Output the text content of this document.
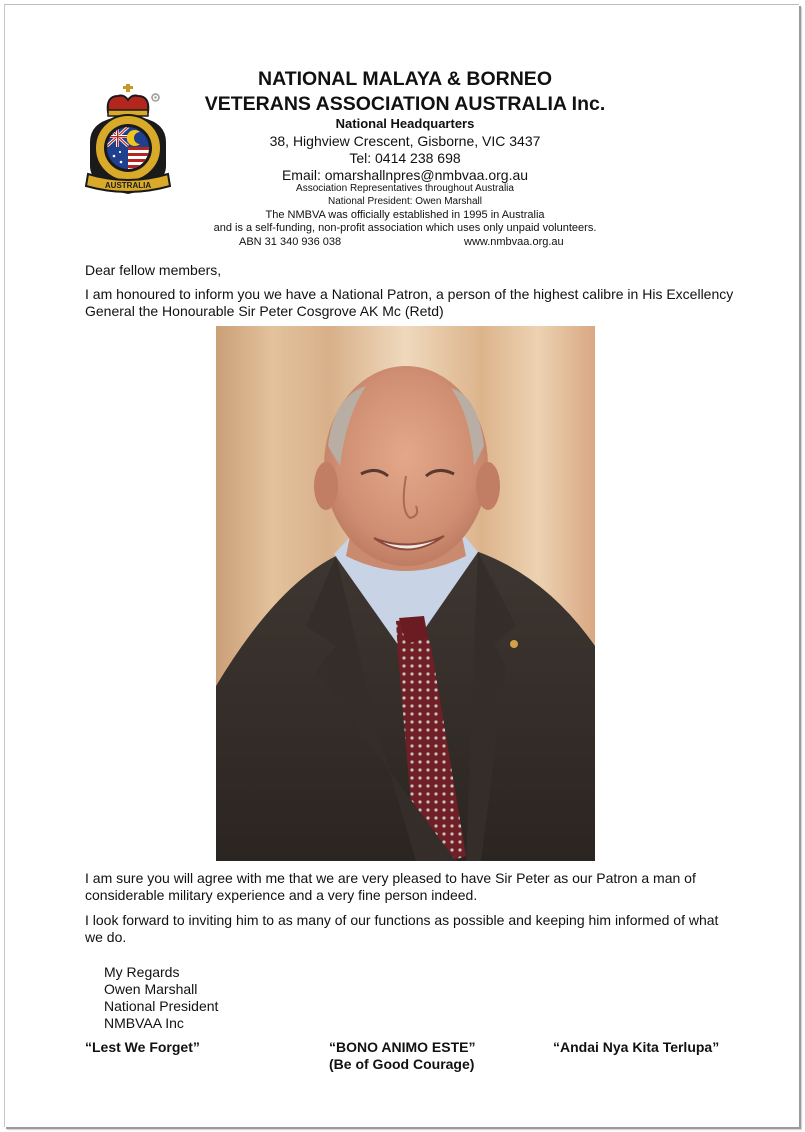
AUSTRALIA
NATIONAL MALAYA & BORNEO
VETERANS ASSOCIATION AUSTRALIA Inc.
National Headquarters
38, Highview Crescent, Gisborne, VIC 3437
Tel: 0414 238 698
Email: omarshallnpres@nmbvaa.org.au
Association Representatives throughout Australia
National President: Owen Marshall
The NMBVA was officially established in 1995 in Australia
and is a self-funding, non-profit association which uses only unpaid volunteers.
ABN 31 340 936 038	www.nmbvaa.org.au
Dear fellow members,
I am honoured to inform you we have a National Patron, a person of the highest calibre in His Excellency General the Honourable Sir Peter Cosgrove AK Mc (Retd)
I am sure you will agree with me that we are very pleased to have Sir Peter as our Patron a man of considerable military experience and a very fine person indeed.
I look forward to inviting him to as many of our functions as possible and keeping him informed of what we do.
My Regards
Owen Marshall
National President
NMBVAA Inc
“Lest We Forget”	“BONO ANIMO ESTE”
(Be of Good Courage)
“Andai Nya Kita Terlupa”
